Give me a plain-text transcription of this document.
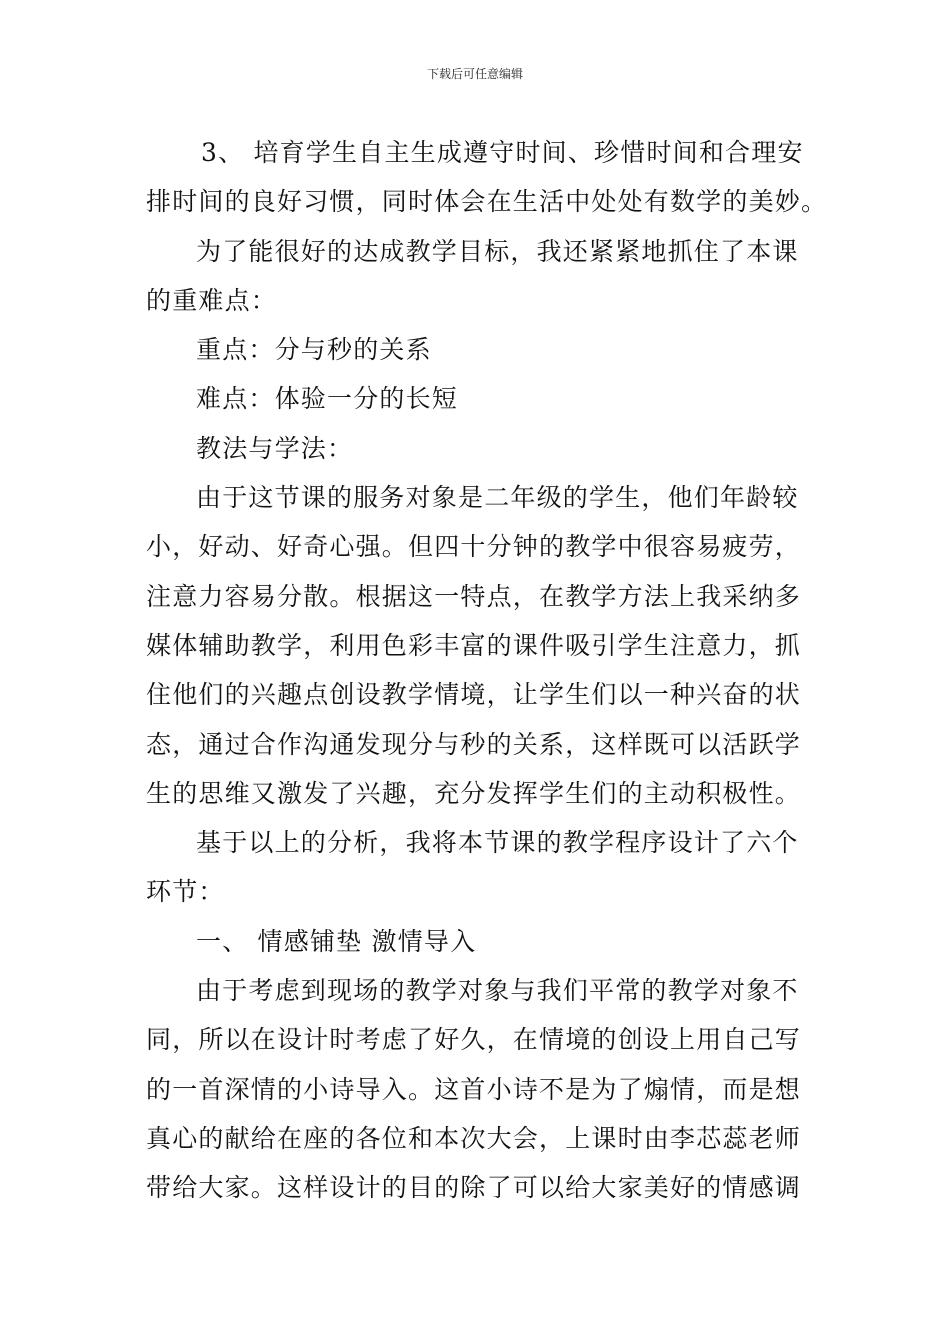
下载后可任意编辑
3、 培育学生自主生成遵守时间、珍惜时间和合理安
排时间的良好习惯，同时体会在生活中处处有数学的美妙。
为了能很好的达成教学目标，我还紧紧地抓住了本课
的重难点：
重点：分与秒的关系
难点：体验一分的长短
教法与学法：
由于这节课的服务对象是二年级的学生，他们年龄较
小，好动、好奇心强。但四十分钟的教学中很容易疲劳，
注意力容易分散。根据这一特点，在教学方法上我采纳多
媒体辅助教学，利用色彩丰富的课件吸引学生注意力，抓
住他们的兴趣点创设教学情境，让学生们以一种兴奋的状
态，通过合作沟通发现分与秒的关系，这样既可以活跃学
生的思维又激发了兴趣，充分发挥学生们的主动积极性。
基于以上的分析，我将本节课的教学程序设计了六个
环节：
一、 情感铺垫 激情导入
由于考虑到现场的教学对象与我们平常的教学对象不
同，所以在设计时考虑了好久，在情境的创设上用自己写
的一首深情的小诗导入。这首小诗不是为了煽情，而是想
真心的献给在座的各位和本次大会，上课时由李芯蕊老师
带给大家。这样设计的目的除了可以给大家美好的情感调
